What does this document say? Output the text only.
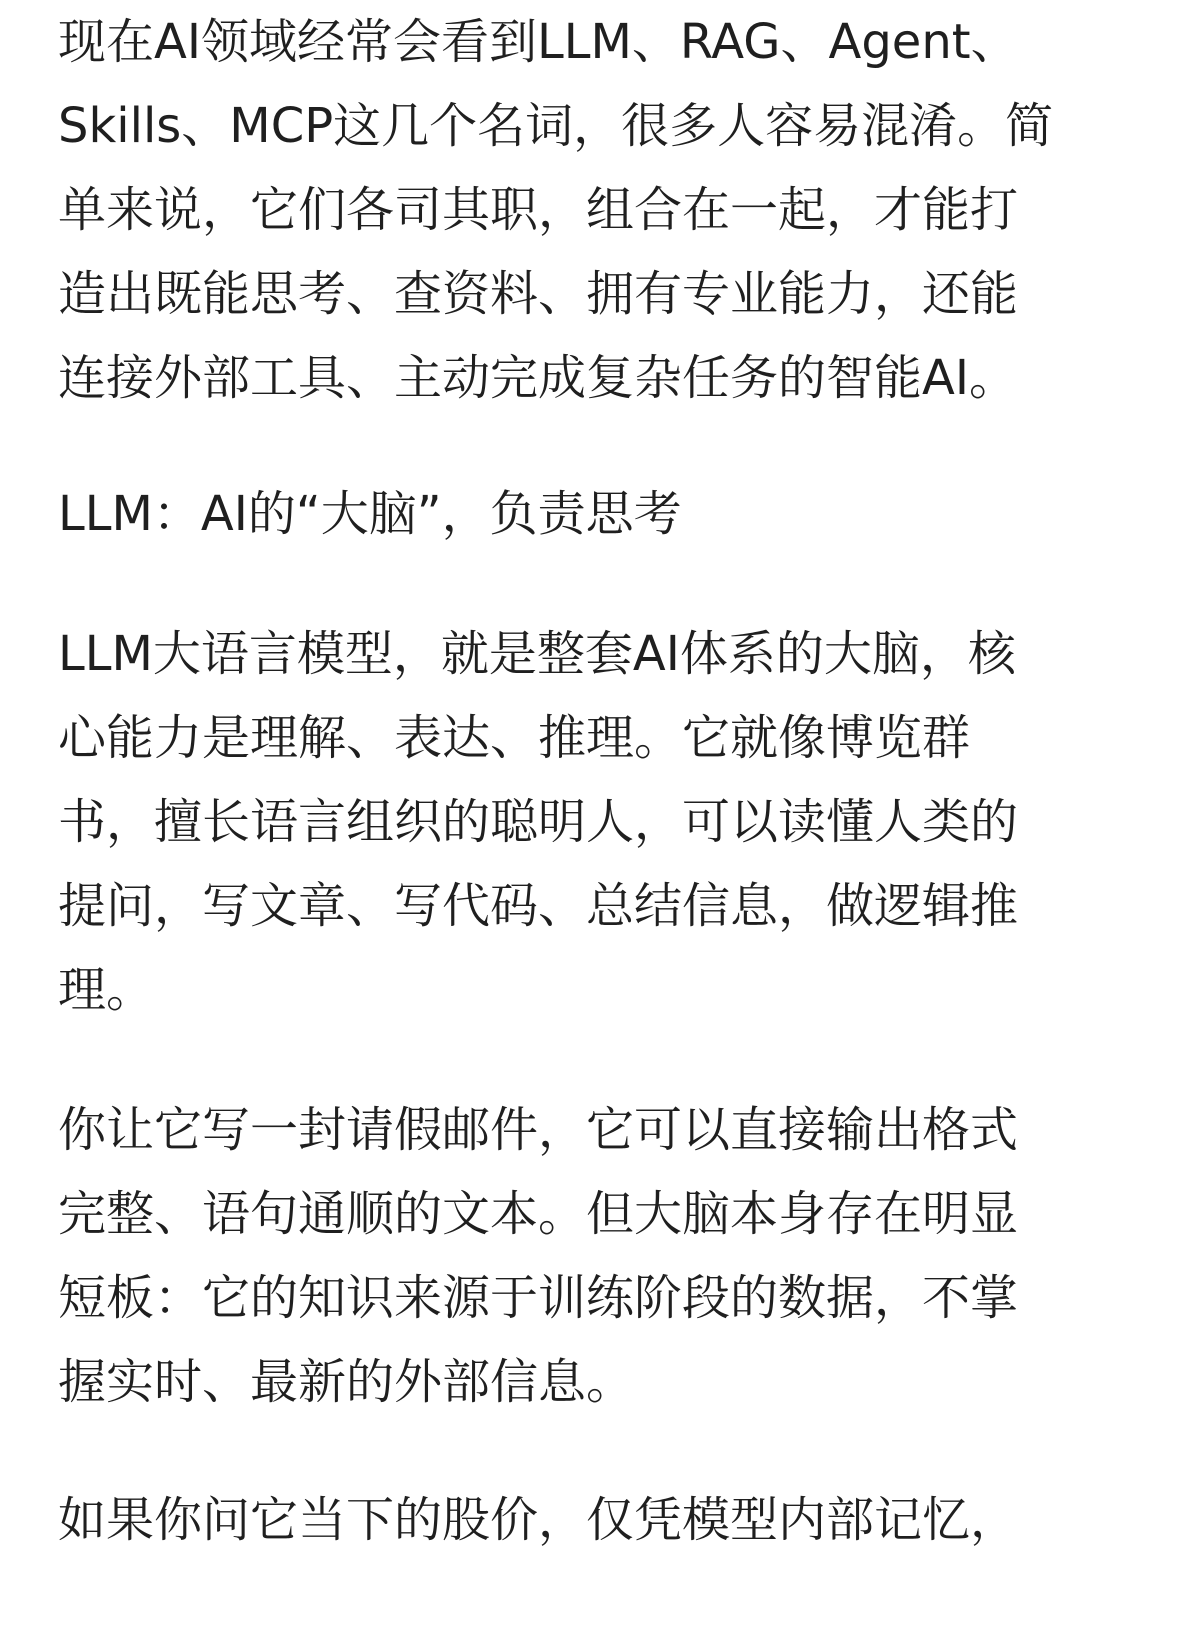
现在AI领域经常会看到LLM、RAG、Agent、
Skills、MCP这几个名词，很多人容易混淆。简
单来说，它们各司其职，组合在一起，才能打
造出既能思考、查资料、拥有专业能力，还能
连接外部工具、主动完成复杂任务的智能AI。

LLM：AI的“大脑”，负责思考

LLM大语言模型，就是整套AI体系的大脑，核
心能力是理解、表达、推理。它就像博览群
书，擅长语言组织的聪明人，可以读懂人类的
提问，写文章、写代码、总结信息，做逻辑推
理。

你让它写一封请假邮件，它可以直接输出格式
完整、语句通顺的文本。但大脑本身存在明显
短板：它的知识来源于训练阶段的数据，不掌
握实时、最新的外部信息。

如果你问它当下的股价，仅凭模型内部记忆，
